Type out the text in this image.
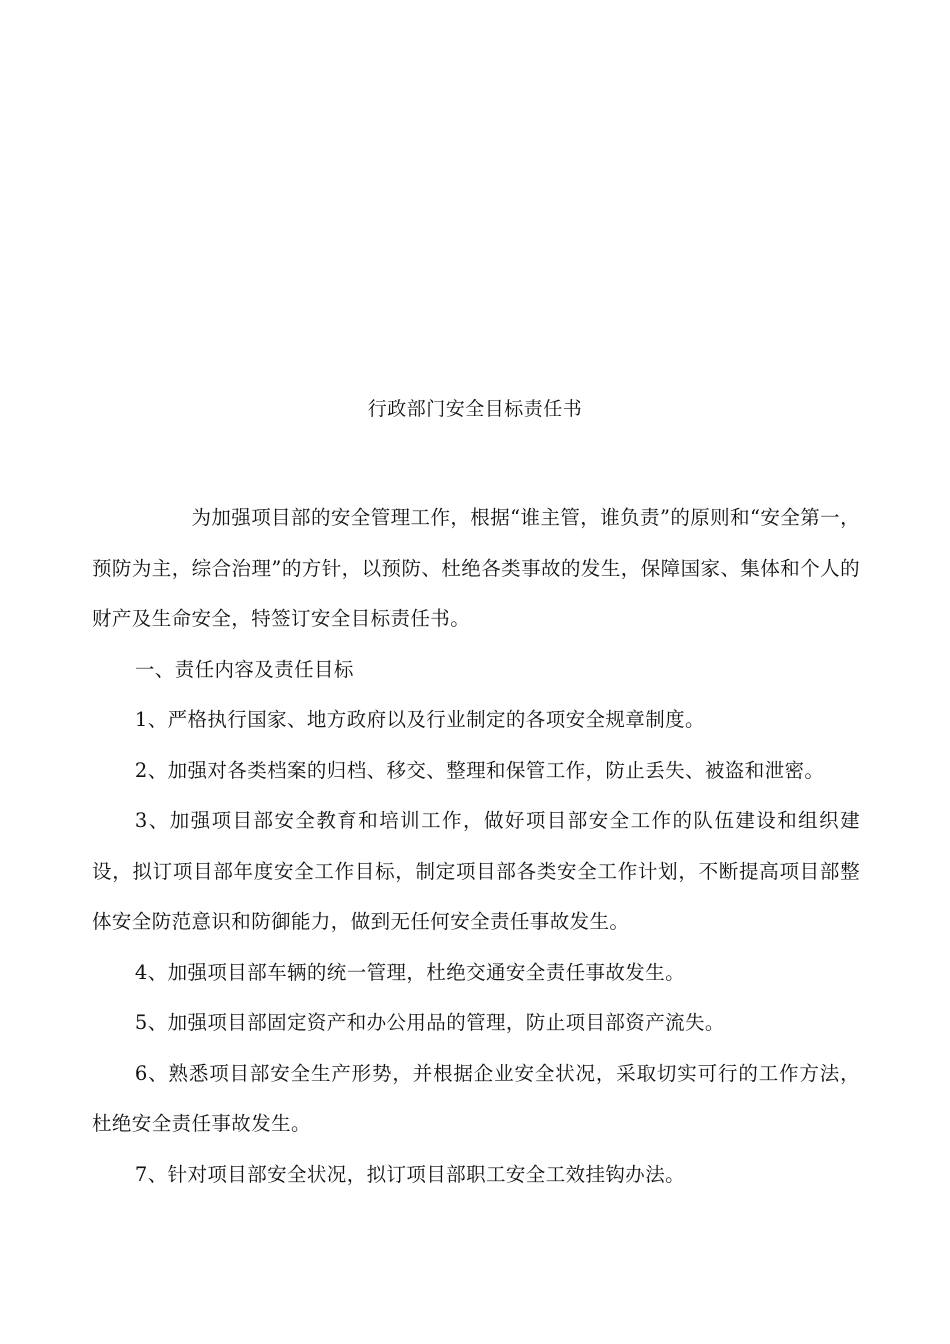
行政部门安全目标责任书

为加强项目部的安全管理工作，根据“谁主管，谁负责”的原则和“安全第一，预防为主，综合治理”的方针，以预防、杜绝各类事故的发生，保障国家、集体和个人的财产及生命安全，特签订安全目标责任书。

一、责任内容及责任目标

1、严格执行国家、地方政府以及行业制定的各项安全规章制度。

2、加强对各类档案的归档、移交、整理和保管工作，防止丢失、被盗和泄密。

3、加强项目部安全教育和培训工作，做好项目部安全工作的队伍建设和组织建设，拟订项目部年度安全工作目标，制定项目部各类安全工作计划，不断提高项目部整体安全防范意识和防御能力，做到无任何安全责任事故发生。

4、加强项目部车辆的统一管理，杜绝交通安全责任事故发生。

5、加强项目部固定资产和办公用品的管理，防止项目部资产流失。

6、熟悉项目部安全生产形势，并根据企业安全状况，采取切实可行的工作方法，杜绝安全责任事故发生。

7、针对项目部安全状况，拟订项目部职工安全工效挂钩办法。
